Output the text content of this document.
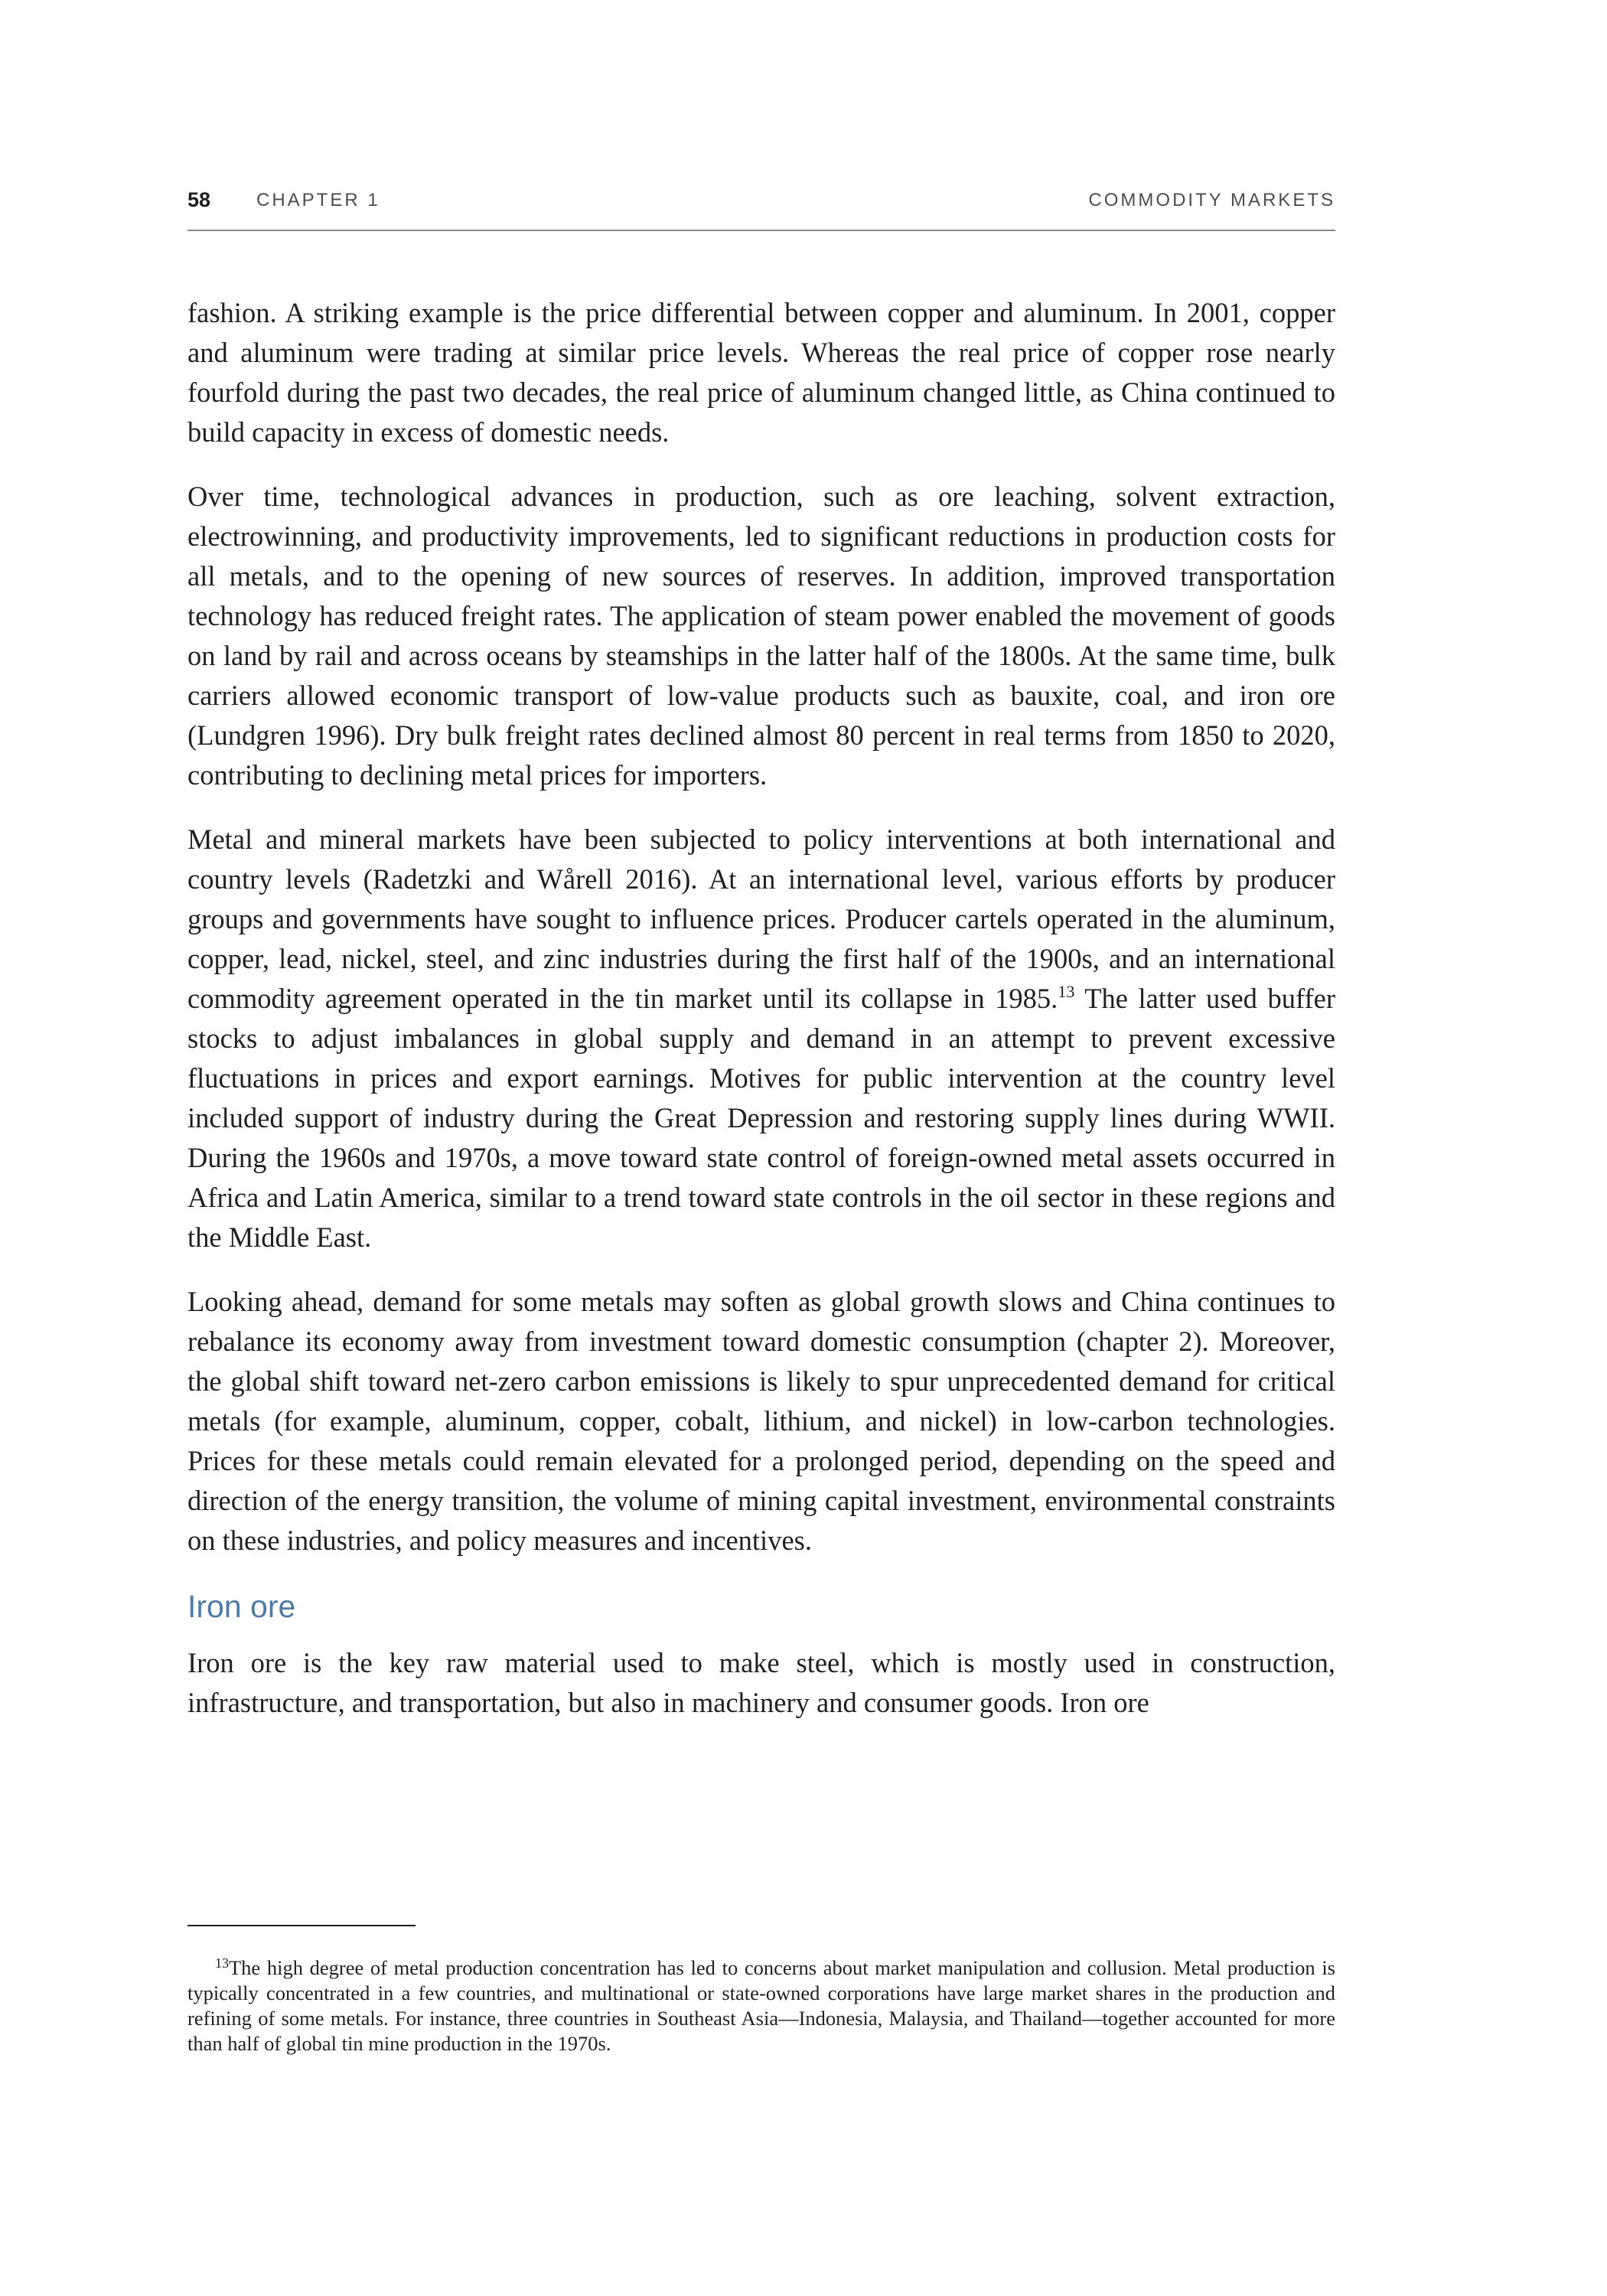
58 CHAPTER 1	COMMODITY MARKETS

fashion. A striking example is the price differential between copper and aluminum. In 2001, copper and aluminum were trading at similar price levels. Whereas the real price of copper rose nearly fourfold during the past two decades, the real price of aluminum changed little, as China continued to build capacity in excess of domestic needs.

Over time, technological advances in production, such as ore leaching, solvent extraction, electrowinning, and productivity improvements, led to significant reductions in production costs for all metals, and to the opening of new sources of reserves. In addition, improved transportation technology has reduced freight rates. The application of steam power enabled the movement of goods on land by rail and across oceans by steamships in the latter half of the 1800s. At the same time, bulk carriers allowed economic transport of low-value products such as bauxite, coal, and iron ore (Lundgren 1996). Dry bulk freight rates declined almost 80 percent in real terms from 1850 to 2020, contributing to declining metal prices for importers.

Metal and mineral markets have been subjected to policy interventions at both international and country levels (Radetzki and Wårell 2016). At an international level, various efforts by producer groups and governments have sought to influence prices. Producer cartels operated in the aluminum, copper, lead, nickel, steel, and zinc industries during the first half of the 1900s, and an international commodity agreement operated in the tin market until its collapse in 1985.13 The latter used buffer stocks to adjust imbalances in global supply and demand in an attempt to prevent excessive fluctuations in prices and export earnings. Motives for public intervention at the country level included support of industry during the Great Depression and restoring supply lines during WWII. During the 1960s and 1970s, a move toward state control of foreign-owned metal assets occurred in Africa and Latin America, similar to a trend toward state controls in the oil sector in these regions and the Middle East.

Looking ahead, demand for some metals may soften as global growth slows and China continues to rebalance its economy away from investment toward domestic consumption (chapter 2). Moreover, the global shift toward net-zero carbon emissions is likely to spur unprecedented demand for critical metals (for example, aluminum, copper, cobalt, lithium, and nickel) in low-carbon technologies. Prices for these metals could remain elevated for a prolonged period, depending on the speed and direction of the energy transition, the volume of mining capital investment, environmental constraints on these industries, and policy measures and incentives.

Iron ore

Iron ore is the key raw material used to make steel, which is mostly used in construction, infrastructure, and transportation, but also in machinery and consumer goods. Iron ore

$^{13}$The high degree of metal production concentration has led to concerns about market manipulation and collusion. Metal production is typically concentrated in a few countries, and multinational or state-owned corporations have large market shares in the production and refining of some metals. For instance, three countries in Southeast Asia—Indonesia, Malaysia, and Thailand—together accounted for more than half of global tin mine production in the 1970s.
